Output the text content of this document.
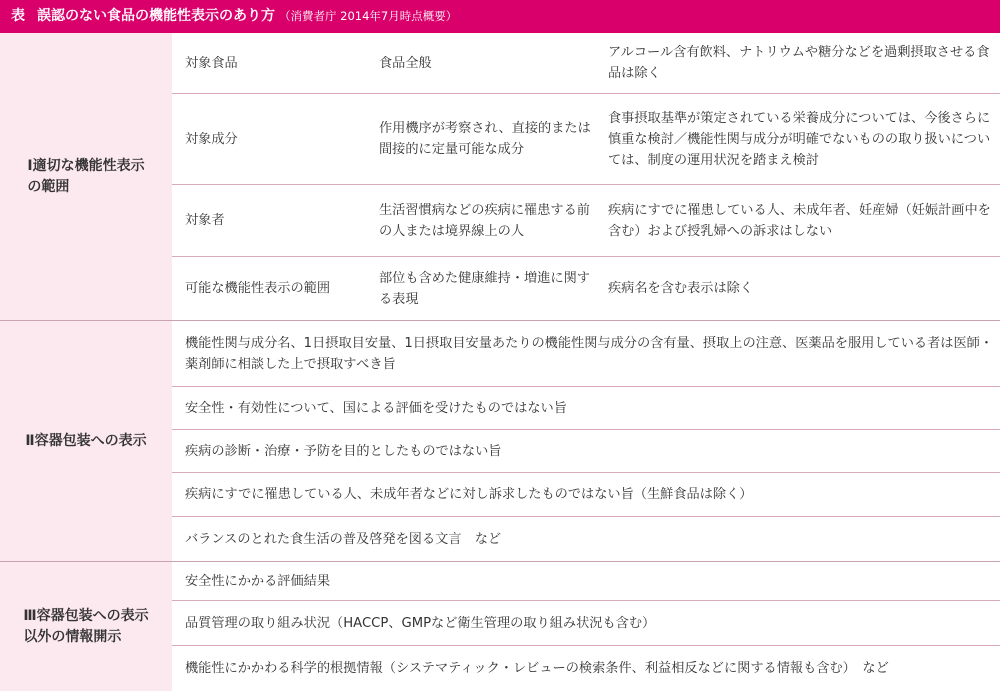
表 誤認のない食品の機能性表示のあり方 （消費者庁 2014年7月時点概要）
Ⅰ適切な機能性表示
の範囲
対象食品	食品全般
アルコール含有飲料、ナトリウムや糖分などを過剰摂取させる食品は除く
対象成分
作用機序が考察され、直接的または間接的に定量可能な成分
食事摂取基準が策定されている栄養成分については、今後さらに慎重な検討／機能性関与成分が明確でないものの取り扱いについては、制度の運用状況を踏まえ検討
対象者
生活習慣病などの疾病に罹患する前の人または境界線上の人
疾病にすでに罹患している人、未成年者、妊産婦（妊娠計画中を含む）および授乳婦への訴求はしない
可能な機能性表示の範囲
部位も含めた健康維持・増進に関する表現
疾病名を含む表示は除く
Ⅱ容器包装への表示
機能性関与成分名、1日摂取目安量、1日摂取目安量あたりの機能性関与成分の含有量、摂取上の注意、医薬品を服用している者は医師・薬剤師に相談した上で摂取すべき旨
安全性・有効性について、国による評価を受けたものではない旨
疾病の診断・治療・予防を目的としたものではない旨
疾病にすでに罹患している人、未成年者などに対し訴求したものではない旨（生鮮食品は除く）
バランスのとれた食生活の普及啓発を図る文言　など
Ⅲ容器包装への表示
以外の情報開示
安全性にかかる評価結果
品質管理の取り組み状況（HACCP、GMPなど衛生管理の取り組み状況も含む）
機能性にかかわる科学的根拠情報（システマティック・レビューの検索条件、利益相反などに関する情報も含む）　など
